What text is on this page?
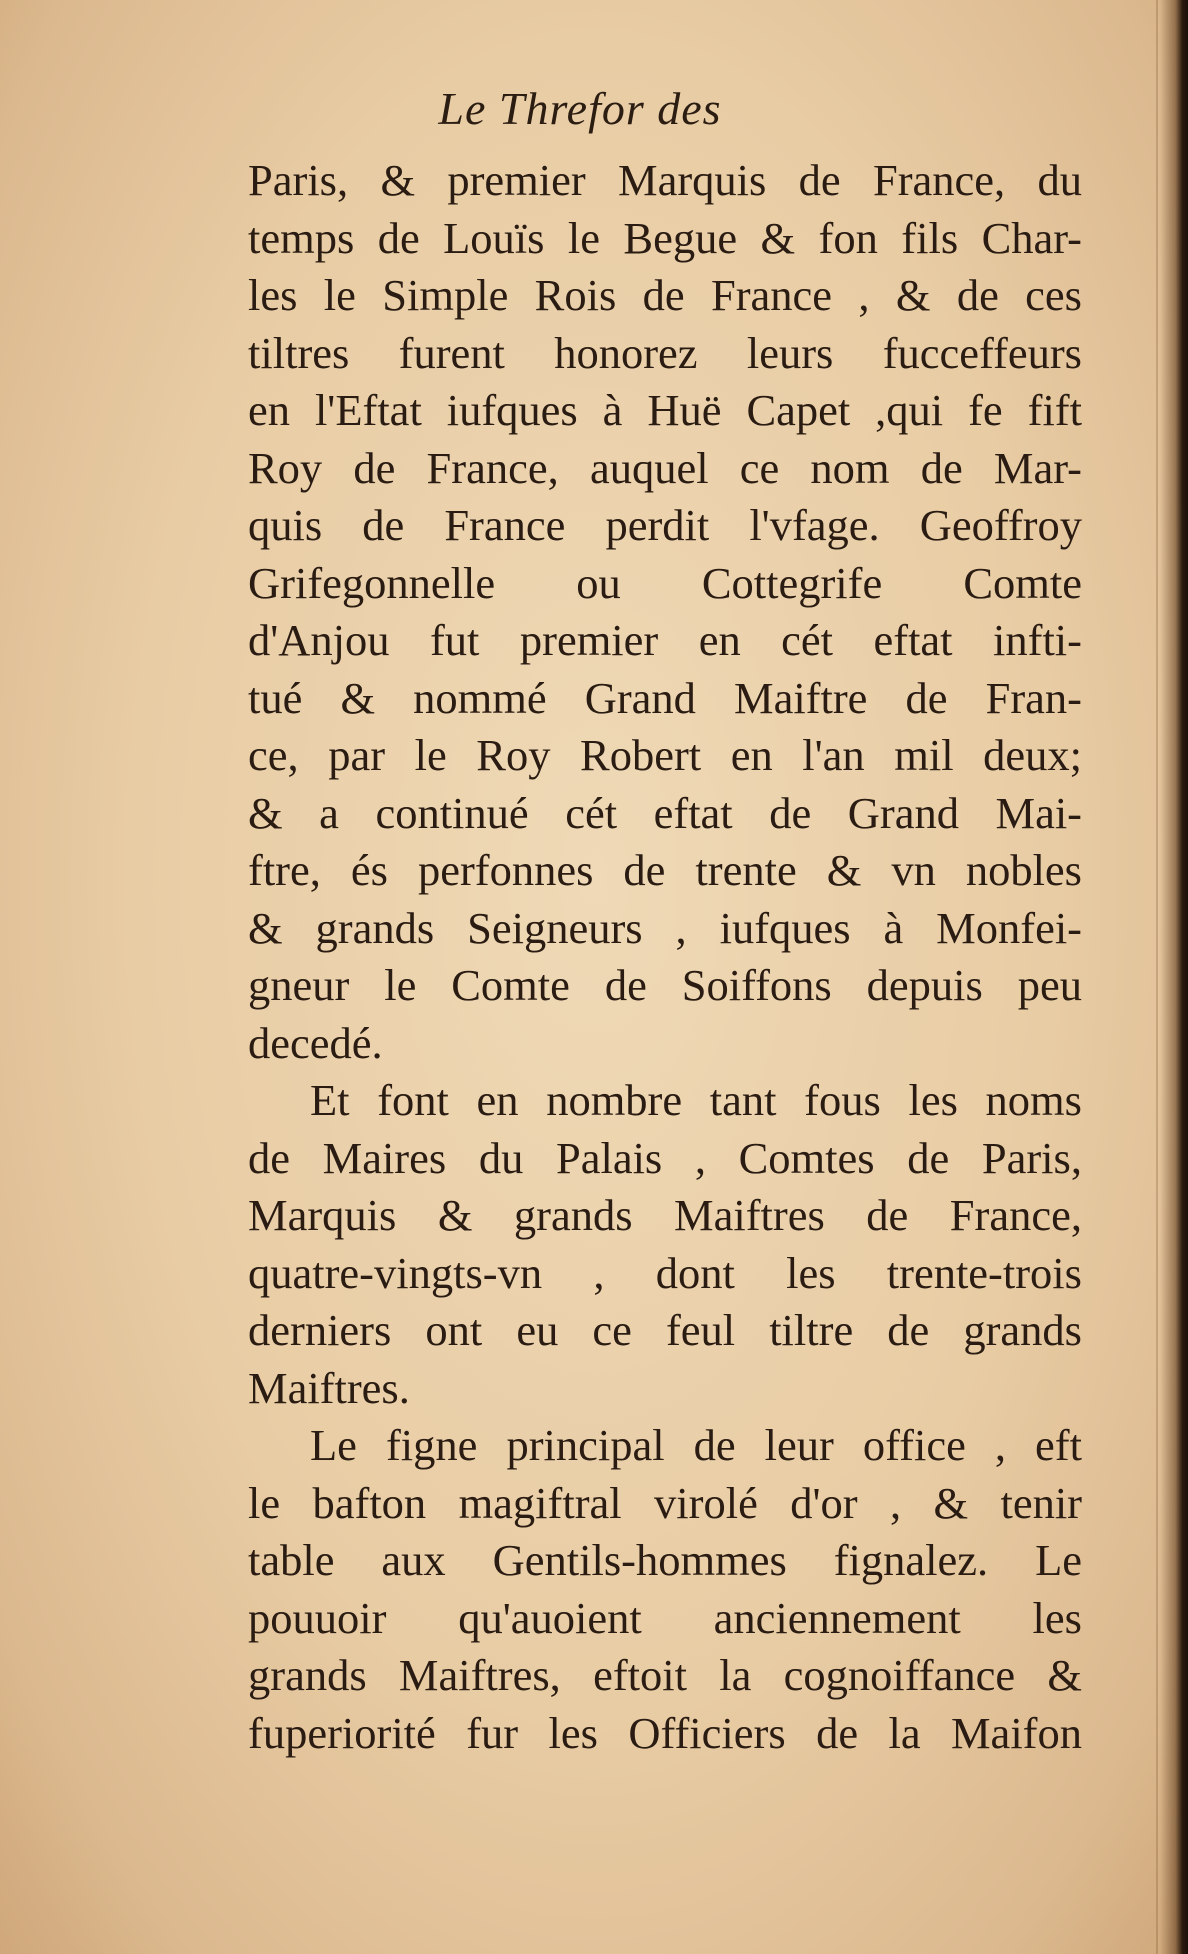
Le Threfor des
Paris, & premier Marquis de France, du
temps de Louïs le Begue & fon fils Char-
les le Simple Rois de France , & de ces
tiltres furent honorez leurs fucceffeurs
en l'Eftat iufques à Huë Capet ,qui fe fift
Roy de France, auquel ce nom de Mar-
quis de France perdit l'vfage. Geoffroy
Grifegonnelle ou Cottegrife Comte
d'Anjou fut premier en cét eftat infti-
tué & nommé Grand Maiftre de Fran-
ce, par le Roy Robert en l'an mil deux;
& a continué cét eftat de Grand Mai-
ftre, és perfonnes de trente & vn nobles
& grands Seigneurs , iufques à Monfei-
gneur le Comte de Soiffons depuis peu
decedé.
Et font en nombre tant fous les noms
de Maires du Palais , Comtes de Paris,
Marquis & grands Maiftres de France,
quatre-vingts-vn , dont les trente-trois
derniers ont eu ce feul tiltre de grands
Maiftres.
Le figne principal de leur office , eft
le bafton magiftral virolé d'or , & tenir
table aux Gentils-hommes fignalez. Le
pouuoir qu'auoient anciennement les
grands Maiftres, eftoit la cognoiffance &
fuperiorité fur les Officiers de la Maifon
